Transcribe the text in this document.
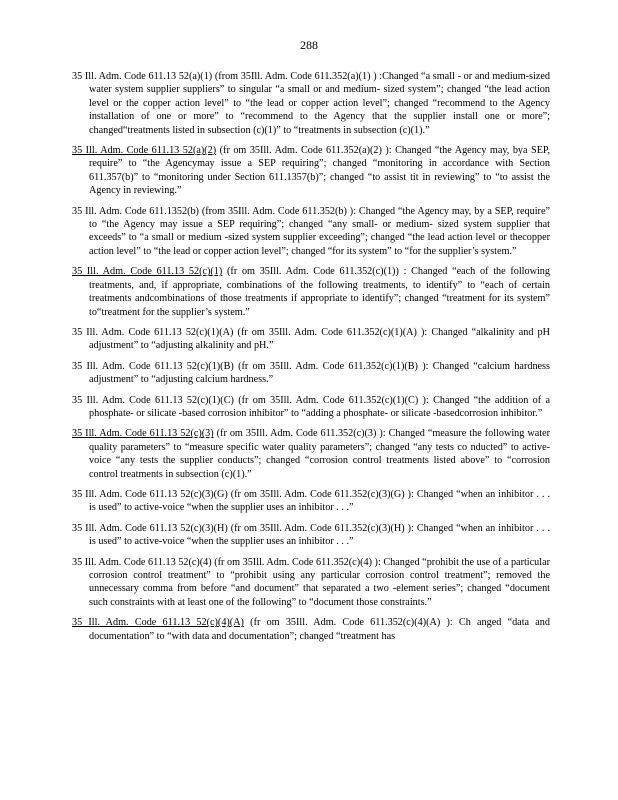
288

35 Ill. Adm. Code 611.13 52(a)(1) (from 35Ill. Adm. Code 611.352(a)(1) ) :Changed “a small - or and medium-sized water system supplier suppliers” to singular “a small or and medium- sized system”; changed “the lead action level or the copper action level” to “the lead or copper action level”; changed “recommend to the Agency installation of one or more” to “recommend to the Agency that the supplier install one or more”; changed“treatments listed in subsection (c)(1)” to “treatments in subsection (c)(1).”

35 Ill. Adm. Code 611.13 52(a)(2) (fr om 35Ill. Adm. Code 611.352(a)(2) ): Changed “the Agency may, bya SEP, require” to “the Agencymay issue a SEP requiring”; changed “monitoring in accordance with Section 611.357(b)” to “monitoring under Section 611.1357(b)”; changed “to assist tit in reviewing” to “to assist the Agency in reviewing.”

35 Ill. Adm. Code 611.1352(b) (from 35Ill. Adm. Code 611.352(b) ): Changed “the Agency may, by a SEP, require” to “the Agency may issue a SEP requiring”; changed “any small- or medium- sized system supplier that exceeds” to “a small or medium -sized system supplier exceeding”; changed “the lead action level or thecopper action level” to “the lead or copper action level”; changed “for its system” to “for the supplier’s system.”

35 Ill. Adm. Code 611.13 52(c)(1) (fr om 35Ill. Adm. Code 611.352(c)(1)) : Changed “each of the following treatments, and, if appropriate, combinations of the following treatments, to identify” to “each of certain treatments andcombinations of those treatments if appropriate to identify”; changed “treatment for its system” to“treatment for the supplier’s system.”

35 Ill. Adm. Code 611.13 52(c)(1)(A) (fr om 35Ill. Adm. Code 611.352(c)(1)(A) ): Changed “alkalinity and pH adjustment” to “adjusting alkalinity and pH.”

35 Ill. Adm. Code 611.13 52(c)(1)(B) (fr om 35Ill. Adm. Code 611.352(c)(1)(B) ): Changed “calcium hardness adjustment” to “adjusting calcium hardness.”

35 Ill. Adm. Code 611.13 52(c)(1)(C) (fr om 35Ill. Adm. Code 611.352(c)(1)(C) ): Changed “the addition of a phosphate- or silicate -based corrosion inhibitor” to “adding a phosphate- or silicate -basedcorrosion inhibitor.”

35 Ill. Adm. Code 611.13 52(c)(3) (fr om 35Ill. Adm. Code 611.352(c)(3) ): Changed “measure the following water quality parameters” to “measure specific water quality parameters”; changed “any tests co nducted” to active-voice “any tests the supplier conducts”; changed “corrosion control treatments listed above” to “corrosion control treatments in subsection (c)(1).”

35 Ill. Adm. Code 611.13 52(c)(3)(G) (fr om 35Ill. Adm. Code 611.352(c)(3)(G) ): Changed “when an inhibitor . . . is used” to active-voice “when the supplier uses an inhibitor . . .”

35 Ill. Adm. Code 611.13 52(c)(3)(H) (fr om 35Ill. Adm. Code 611.352(c)(3)(H) ): Changed “when an inhibitor . . . is used” to active-voice “when the supplier uses an inhibitor . . .”

35 Ill. Adm. Code 611.13 52(c)(4) (fr om 35Ill. Adm. Code 611.352(c)(4) ): Changed “prohibit the use of a particular corrosion control treatment” to “prohibit using any particular corrosion control treatment”; removed the unnecessary comma from before “and document” that separated a two -element series”; changed “document such constraints with at least one of the following” to “document those constraints.”

35 Ill. Adm. Code 611.13 52(c)(4)(A) (fr om 35Ill. Adm. Code 611.352(c)(4)(A) ): Ch anged “data and documentation” to “with data and documentation”; changed “treatment has
